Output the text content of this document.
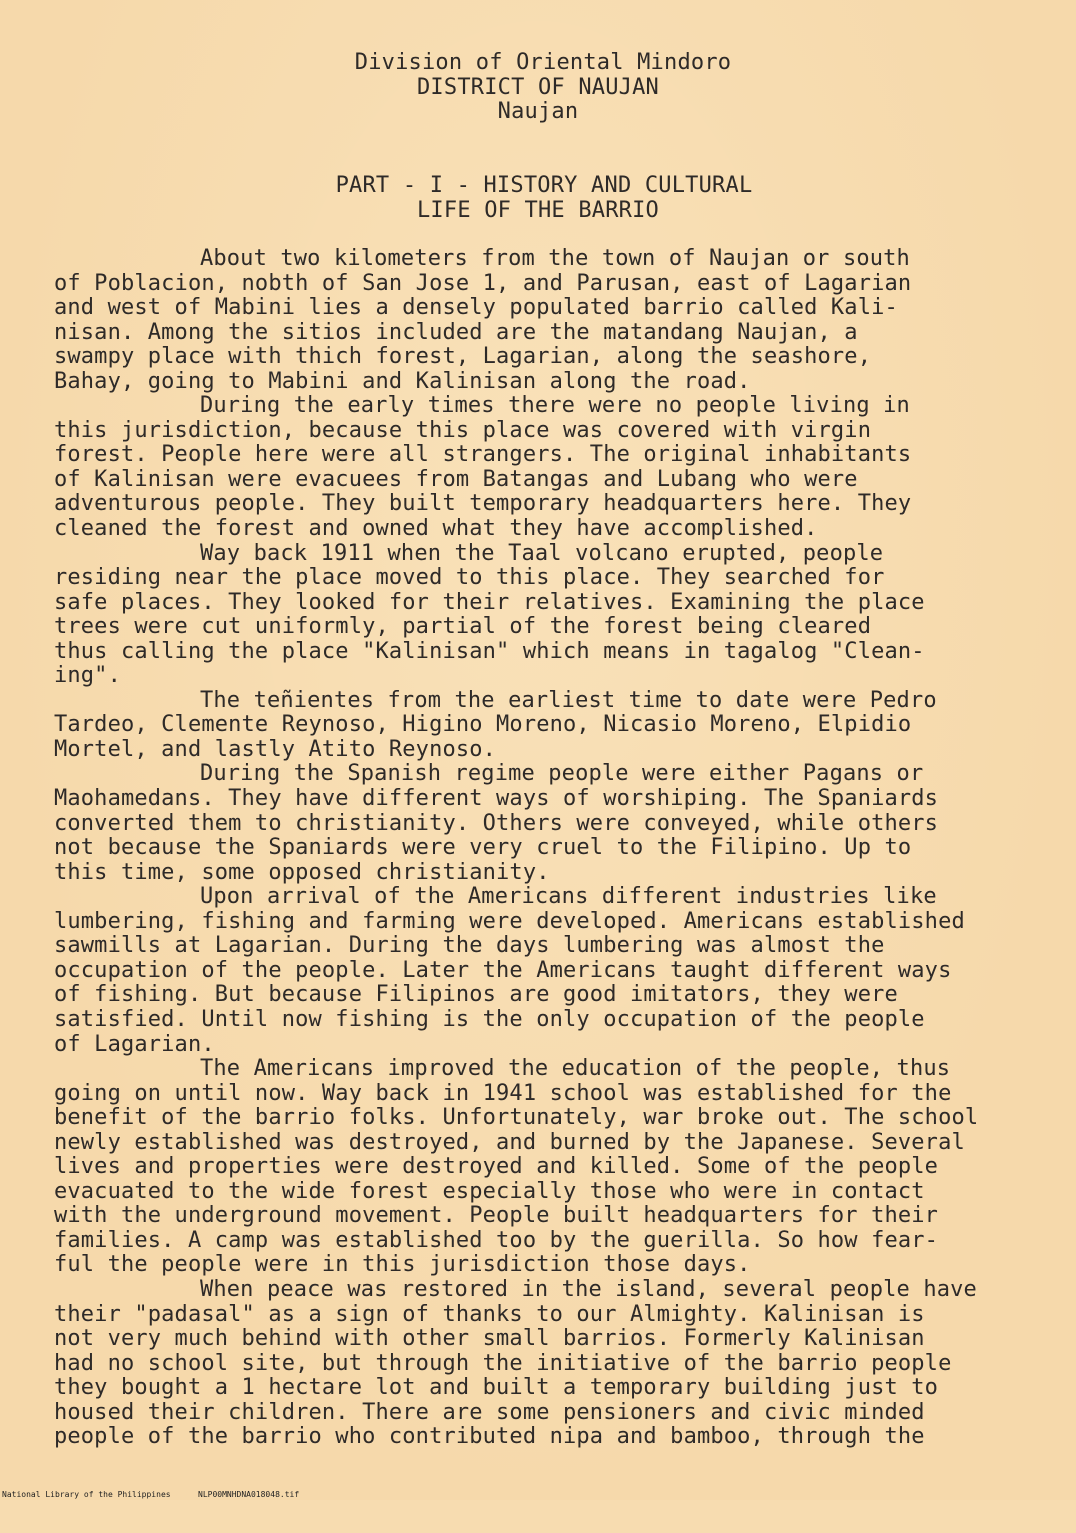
Division of Oriental Mindoro
DISTRICT OF NAUJAN
Naujan
PART - I - HISTORY AND CULTURAL
LIFE OF THE BARRIO
About two kilometers from the town of Naujan or south
of Poblacion, nobth of San Jose 1, and Parusan, east of Lagarian
and west of Mabini lies a densely populated barrio called Kali-
nisan. Among the sitios included are the matandang Naujan, a
swampy place with thich forest, Lagarian, along the seashore,
Bahay, going to Mabini and Kalinisan along the road.
During the early times there were no people living in
this jurisdiction, because this place was covered with virgin
forest. People here were all strangers. The original inhabitants
of Kalinisan were evacuees from Batangas and Lubang who were
adventurous people. They built temporary headquarters here. They
cleaned the forest and owned what they have accomplished.
Way back 1911 when the Taal volcano erupted, people
residing near the place moved to this place. They searched for
safe places. They looked for their relatives. Examining the place
trees were cut uniformly, partial of the forest being cleared
thus calling the place "Kalinisan" which means in tagalog "Clean-
ing".
The teñientes from the earliest time to date were Pedro
Tardeo, Clemente Reynoso, Higino Moreno, Nicasio Moreno, Elpidio
Mortel, and lastly Atito Reynoso.
During the Spanish regime people were either Pagans or
Maohamedans. They have different ways of worshiping. The Spaniards
converted them to christianity. Others were conveyed, while others
not because the Spaniards were very cruel to the Filipino. Up to
this time, some opposed christianity.
Upon arrival of the Americans different industries like
lumbering, fishing and farming were developed. Americans established
sawmills at Lagarian. During the days lumbering was almost the
occupation of the people. Later the Americans taught different ways
of fishing. But because Filipinos are good imitators, they were
satisfied. Until now fishing is the only occupation of the people
of Lagarian.
The Americans improved the education of the people, thus
going on until now. Way back in 1941 school was established for the
benefit of the barrio folks. Unfortunately, war broke out. The school
newly established was destroyed, and burned by the Japanese. Several
lives and properties were destroyed and killed. Some of the people
evacuated to the wide forest especially those who were in contact
with the underground movement. People built headquarters for their
families. A camp was established too by the guerilla. So how fear-
ful the people were in this jurisdiction those days.
When peace was restored in the island, several people have
their "padasal" as a sign of thanks to our Almighty. Kalinisan is
not very much behind with other small barrios. Formerly Kalinisan
had no school site, but through the initiative of the barrio people
they bought a 1 hectare lot and built a temporary building just to
housed their children. There are some pensioners and civic minded
people of the barrio who contributed nipa and bamboo, through the

National Library of the Philippines

	NLP00MNHDNA018048.tif
